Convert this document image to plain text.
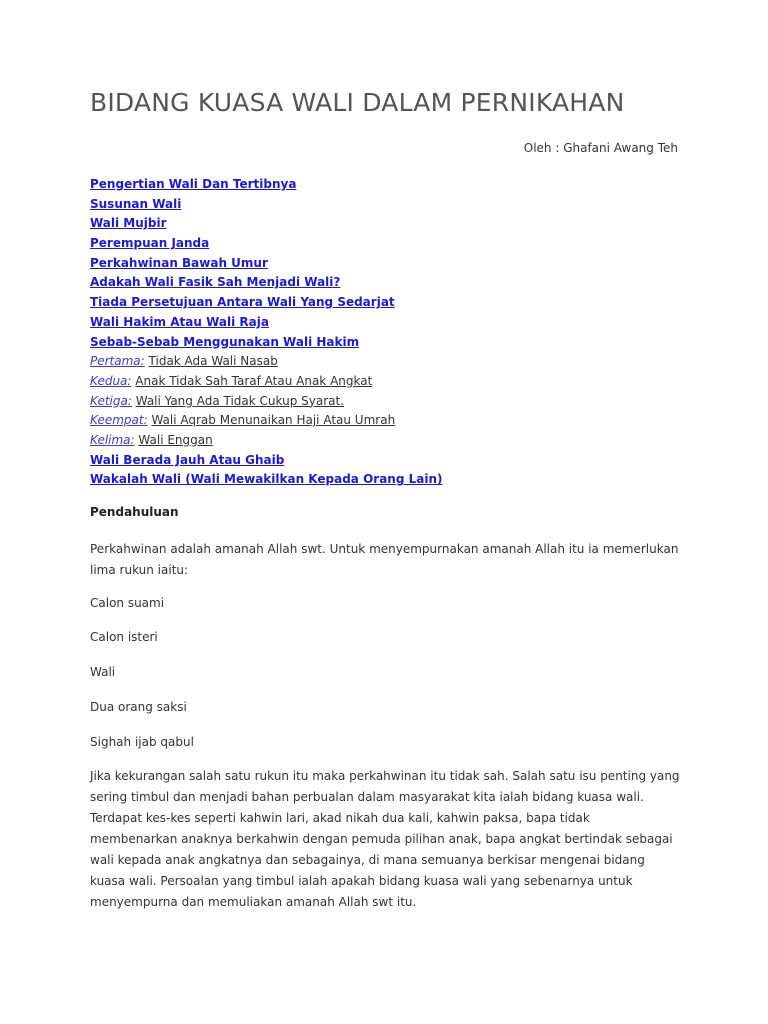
BIDANG KUASA WALI DALAM PERNIKAHAN
Oleh : Ghafani Awang Teh
Pengertian Wali Dan Tertibnya
Susunan Wali
Wali Mujbir
Perempuan Janda
Perkahwinan Bawah Umur
Adakah Wali Fasik Sah Menjadi Wali?
Tiada Persetujuan Antara Wali Yang Sedarjat
Wali Hakim Atau Wali Raja
Sebab-Sebab Menggunakan Wali Hakim
Pertama: Tidak Ada Wali Nasab
Kedua: Anak Tidak Sah Taraf Atau Anak Angkat
Ketiga: Wali Yang Ada Tidak Cukup Syarat.
Keempat: Wali Aqrab Menunaikan Haji Atau Umrah
Kelima: Wali Enggan
Wali Berada Jauh Atau Ghaib
Wakalah Wali (Wali Mewakilkan Kepada Orang Lain)
Pendahuluan

Perkahwinan adalah amanah Allah swt. Untuk menyempurnakan amanah Allah itu ia memerlukan lima rukun iaitu:

Calon suami

Calon isteri

Wali

Dua orang saksi

Sighah ijab qabul

Jika kekurangan salah satu rukun itu maka perkahwinan itu tidak sah. Salah satu isu penting yang sering timbul dan menjadi bahan perbualan dalam masyarakat kita ialah bidang kuasa wali. Terdapat kes-kes seperti kahwin lari, akad nikah dua kali, kahwin paksa, bapa tidak membenarkan anaknya berkahwin dengan pemuda pilihan anak, bapa angkat bertindak sebagai wali kepada anak angkatnya dan sebagainya, di mana semuanya berkisar mengenai bidang kuasa wali. Persoalan yang timbul ialah apakah bidang kuasa wali yang sebenarnya untuk menyempurna dan memuliakan amanah Allah swt itu.
